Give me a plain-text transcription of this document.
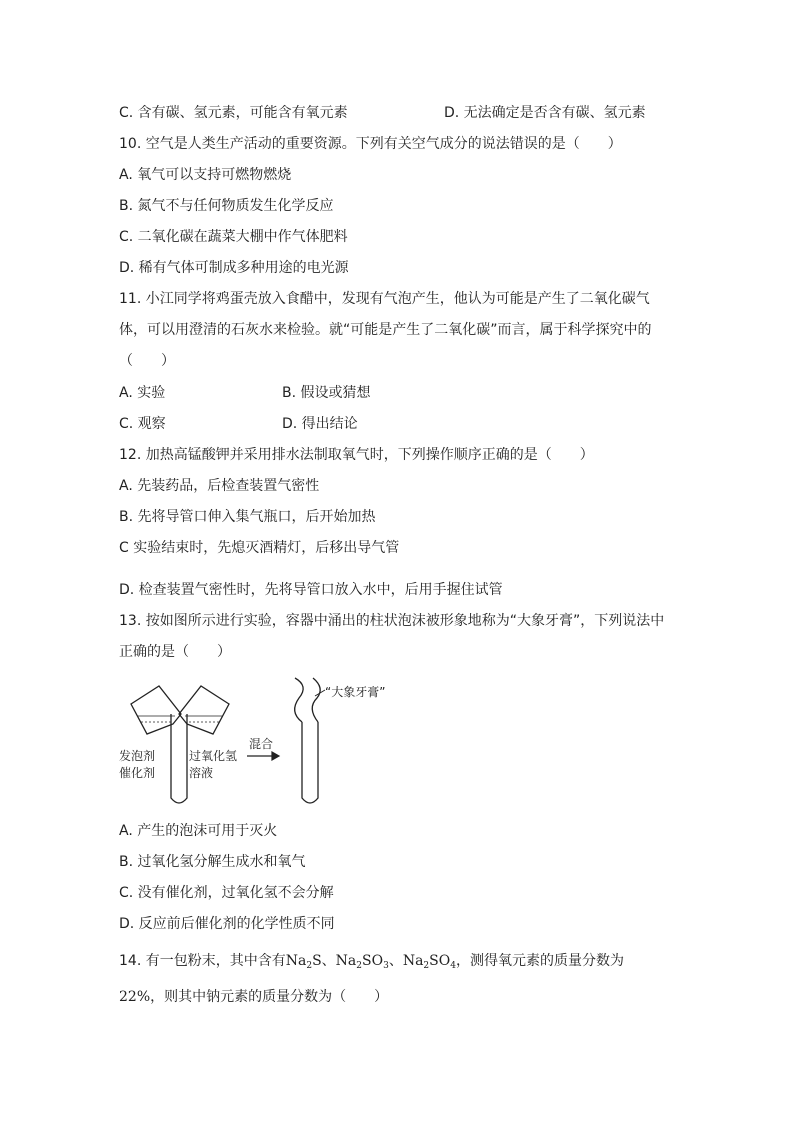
C. 含有碳、氢元素，可能含有氧元素	D. 无法确定是否含有碳、氢元素
10. 空气是人类生产活动的重要资源。下列有关空气成分的说法错误的是（　　）
A. 氧气可以支持可燃物燃烧
B. 氮气不与任何物质发生化学反应
C. 二氧化碳在蔬菜大棚中作气体肥料
D. 稀有气体可制成多种用途的电光源
11. 小江同学将鸡蛋壳放入食醋中，发现有气泡产生，他认为可能是产生了二氧化碳气
体，可以用澄清的石灰水来检验。就“可能是产生了二氧化碳”而言，属于科学探究中的
（　　）
A. 实验	B. 假设或猜想
C. 观察	D. 得出结论
12. 加热高锰酸钾并采用排水法制取氧气时，下列操作顺序正确的是（　　）
A. 先装药品，后检查装置气密性
B. 先将导管口伸入集气瓶口，后开始加热
C 实验结束时，先熄灭酒精灯，后移出导气管
D. 检查装置气密性时，先将导管口放入水中，后用手握住试管
13. 按如图所示进行实验，容器中涌出的柱状泡沫被形象地称为“大象牙膏”，下列说法中
正确的是（　　）
发泡剂
催化剂
过氧化氢
溶液
混合
“大象牙膏”
A. 产生的泡沫可用于灭火
B. 过氧化氢分解生成水和氧气
C. 没有催化剂，过氧化氢不会分解
D. 反应前后催化剂的化学性质不同
14. 有一包粉末，其中含有$Na_2S$、$Na_2SO_3$、$Na_2SO_4$，测得氧元素的质量分数为
22%，则其中钠元素的质量分数为（　　）
